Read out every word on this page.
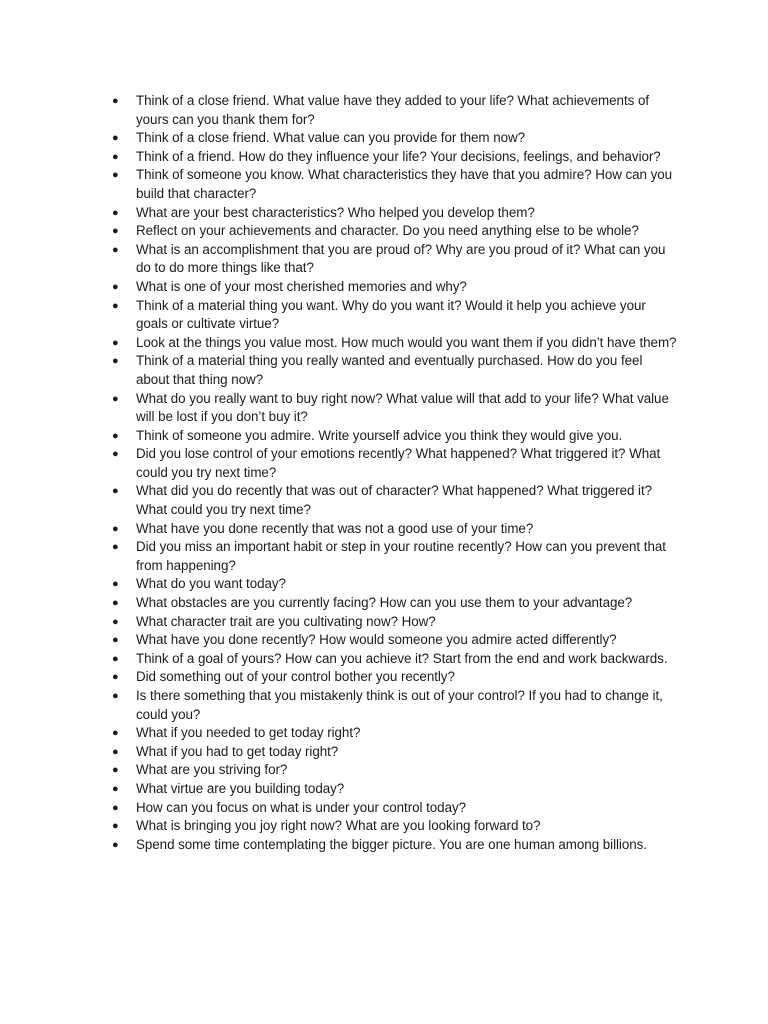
● Think of a close friend. What value have they added to your life? What achievements of yours can you thank them for?
● Think of a close friend. What value can you provide for them now?
● Think of a friend. How do they influence your life? Your decisions, feelings, and behavior?
● Think of someone you know. What characteristics they have that you admire? How can you build that character?
● What are your best characteristics? Who helped you develop them?
● Reflect on your achievements and character. Do you need anything else to be whole?
● What is an accomplishment that you are proud of? Why are you proud of it? What can you do to do more things like that?
● What is one of your most cherished memories and why?
● Think of a material thing you want. Why do you want it? Would it help you achieve your goals or cultivate virtue?
● Look at the things you value most. How much would you want them if you didn’t have them?
● Think of a material thing you really wanted and eventually purchased. How do you feel about that thing now?
● What do you really want to buy right now? What value will that add to your life? What value will be lost if you don’t buy it?
● Think of someone you admire. Write yourself advice you think they would give you.
● Did you lose control of your emotions recently? What happened? What triggered it? What could you try next time?
● What did you do recently that was out of character? What happened? What triggered it? What could you try next time?
● What have you done recently that was not a good use of your time?
● Did you miss an important habit or step in your routine recently? How can you prevent that from happening?
● What do you want today?
● What obstacles are you currently facing? How can you use them to your advantage?
● What character trait are you cultivating now? How?
● What have you done recently? How would someone you admire acted differently?
● Think of a goal of yours? How can you achieve it? Start from the end and work backwards.
● Did something out of your control bother you recently?
● Is there something that you mistakenly think is out of your control? If you had to change it, could you?
● What if you needed to get today right?
● What if you had to get today right?
● What are you striving for?
● What virtue are you building today?
● How can you focus on what is under your control today?
● What is bringing you joy right now? What are you looking forward to?
● Spend some time contemplating the bigger picture. You are one human among billions.
